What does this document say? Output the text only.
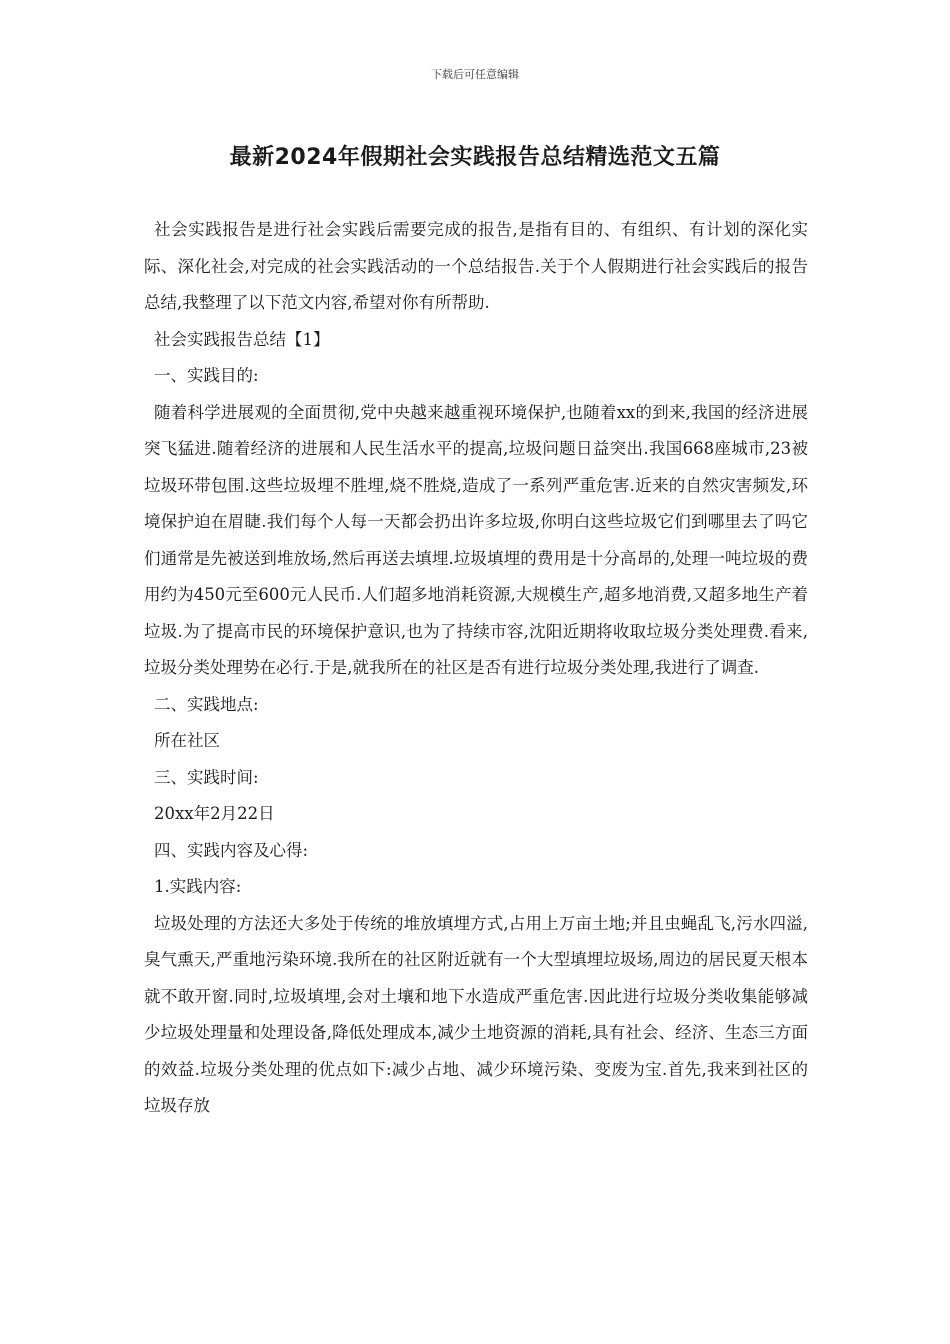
下载后可任意编辑
最新2024年假期社会实践报告总结精选范文五篇

社会实践报告是进行社会实践后需要完成的报告,是指有目的、有组织、有计划的深化实际、深化社会,对完成的社会实践活动的一个总结报告.关于个人假期进行社会实践后的报告总结,我整理了以下范文内容,希望对你有所帮助.

社会实践报告总结【1】

一、实践目的:

随着科学进展观的全面贯彻,党中央越来越重视环境保护,也随着xx的到来,我国的经济进展突飞猛进.随着经济的进展和人民生活水平的提高,垃圾问题日益突出.我国668座城市,23被垃圾环带包围.这些垃圾埋不胜埋,烧不胜烧,造成了一系列严重危害.近来的自然灾害频发,环境保护迫在眉睫.我们每个人每一天都会扔出许多垃圾,你明白这些垃圾它们到哪里去了吗它们通常是先被送到堆放场,然后再送去填埋.垃圾填埋的费用是十分高昂的,处理一吨垃圾的费用约为450元至600元人民币.人们超多地消耗资源,大规模生产,超多地消费,又超多地生产着垃圾.为了提高市民的环境保护意识,也为了持续市容,沈阳近期将收取垃圾分类处理费.看来,垃圾分类处理势在必行.于是,就我所在的社区是否有进行垃圾分类处理,我进行了调查.

二、实践地点:

所在社区

三、实践时间:

20xx年2月22日

四、实践内容及心得:

1.实践内容:

垃圾处理的方法还大多处于传统的堆放填埋方式,占用上万亩土地;并且虫蝇乱飞,污水四溢,臭气熏天,严重地污染环境.我所在的社区附近就有一个大型填埋垃圾场,周边的居民夏天根本就不敢开窗.同时,垃圾填埋,会对土壤和地下水造成严重危害.因此进行垃圾分类收集能够减少垃圾处理量和处理设备,降低处理成本,减少土地资源的消耗,具有社会、经济、生态三方面的效益.垃圾分类处理的优点如下:减少占地、减少环境污染、变废为宝.首先,我来到社区的垃圾存放
